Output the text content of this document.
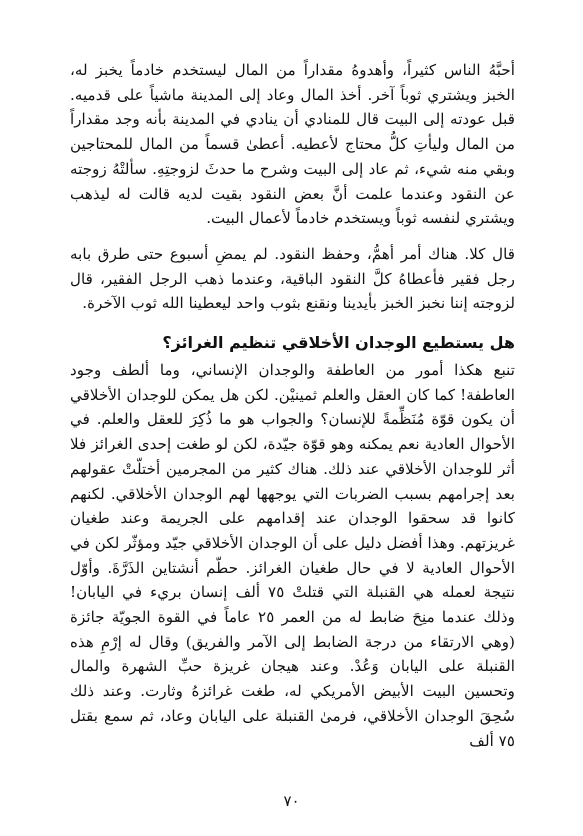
أحبَّهُ الناس كثيراً، وأهدوهُ مقداراً من المال ليستخدم خادماً يخبز له، الخبز ويشتري ثوباً آخر. أخذ المال وعاد إلى المدينة ماشياً على قدميه. قبل عودته إلى البيت قال للمنادي أن ينادي في المدينة بأنه وجد مقداراً من المال وليأتِ كلُّ محتاج لأعطيه. أعطىٰ قسماً من المال للمحتاجين وبقي منه شيء، ثم عاد إلى البيت وشرح ما حدثَ لزوجتِهِ. سألتْهُ زوجته عن النقود وعندما علمت أنَّ بعض النقود بقيت لديه قالت له ليذهب ويشتري لنفسه ثوباً ويستخدم خادماً لأعمال البيت.

قال كلا. هناك أمر أهمُّ، وحفظ النقود. لم يمضِ أسبوع حتى طرق بابه رجل فقير فأعطاهُ كلَّ النقود الباقية، وعندما ذهب الرجل الفقير، قال لزوجته إننا نخبز الخبز بأيدينا ونقنع بثوب واحد ليعطينا الله ثوب الآخرة.

هل يستطيع الوجدان الأخلاقي تنظيم الغرائز؟

تنبع هكذا أمور من العاطفة والوجدان الإنساني، وما ألطف وجود العاطفة! كما كان العقل والعلم ثمينيْن. لكن هل يمكن للوجدان الأخلاقي أن يكون قوّة مُنَظِّمةً للإنسان؟ والجواب هو ما ذُكِرَ للعقل والعلم. في الأحوال العادية نعم يمكنه وهو قوّة جيّدة، لكن لو طغت إحدى الغرائز فلا أثر للوجدان الأخلاقي عند ذلك. هناك كثير من المجرمين أختلّتْ عقولهم بعد إجرامهم بسبب الضربات التي يوجهها لهم الوجدان الأخلاقي. لكنهم كانوا قد سحقوا الوجدان عند إقدامهم على الجريمة وعند طغيان غريزتهم. وهذا أفضل دليل على أن الوجدان الأخلاقي جيّد ومؤثّر لكن في الأحوال العادية لا في حال طغيان الغرائز. حطّم أنشتاين الذَرَّةَ. وأوّل نتيجة لعمله هي القنبلة التي قتلتْ ٧٥ ألف إنسان بريء في اليابان! وذلك عندما منِحَ ضابط له من العمر ٢٥ عاماً في القوة الجويّة جائزة (وهي الارتقاء من درجة الضابط إلى الآمر والفريق) وقال له إرْمِ هذه القنبلة على اليابان وَعُدْ. وعند هيجان غريزة حبِّ الشهرة والمال وتحسين البيت الأبيض الأمريكي له، طغت غرائزهُ وثارت. وعند ذلك سُحِقَ الوجدان الأخلاقي، فرمىٰ القنبلة على اليابان وعاد، ثم سمع بقتل ٧٥ ألف

٧٠
